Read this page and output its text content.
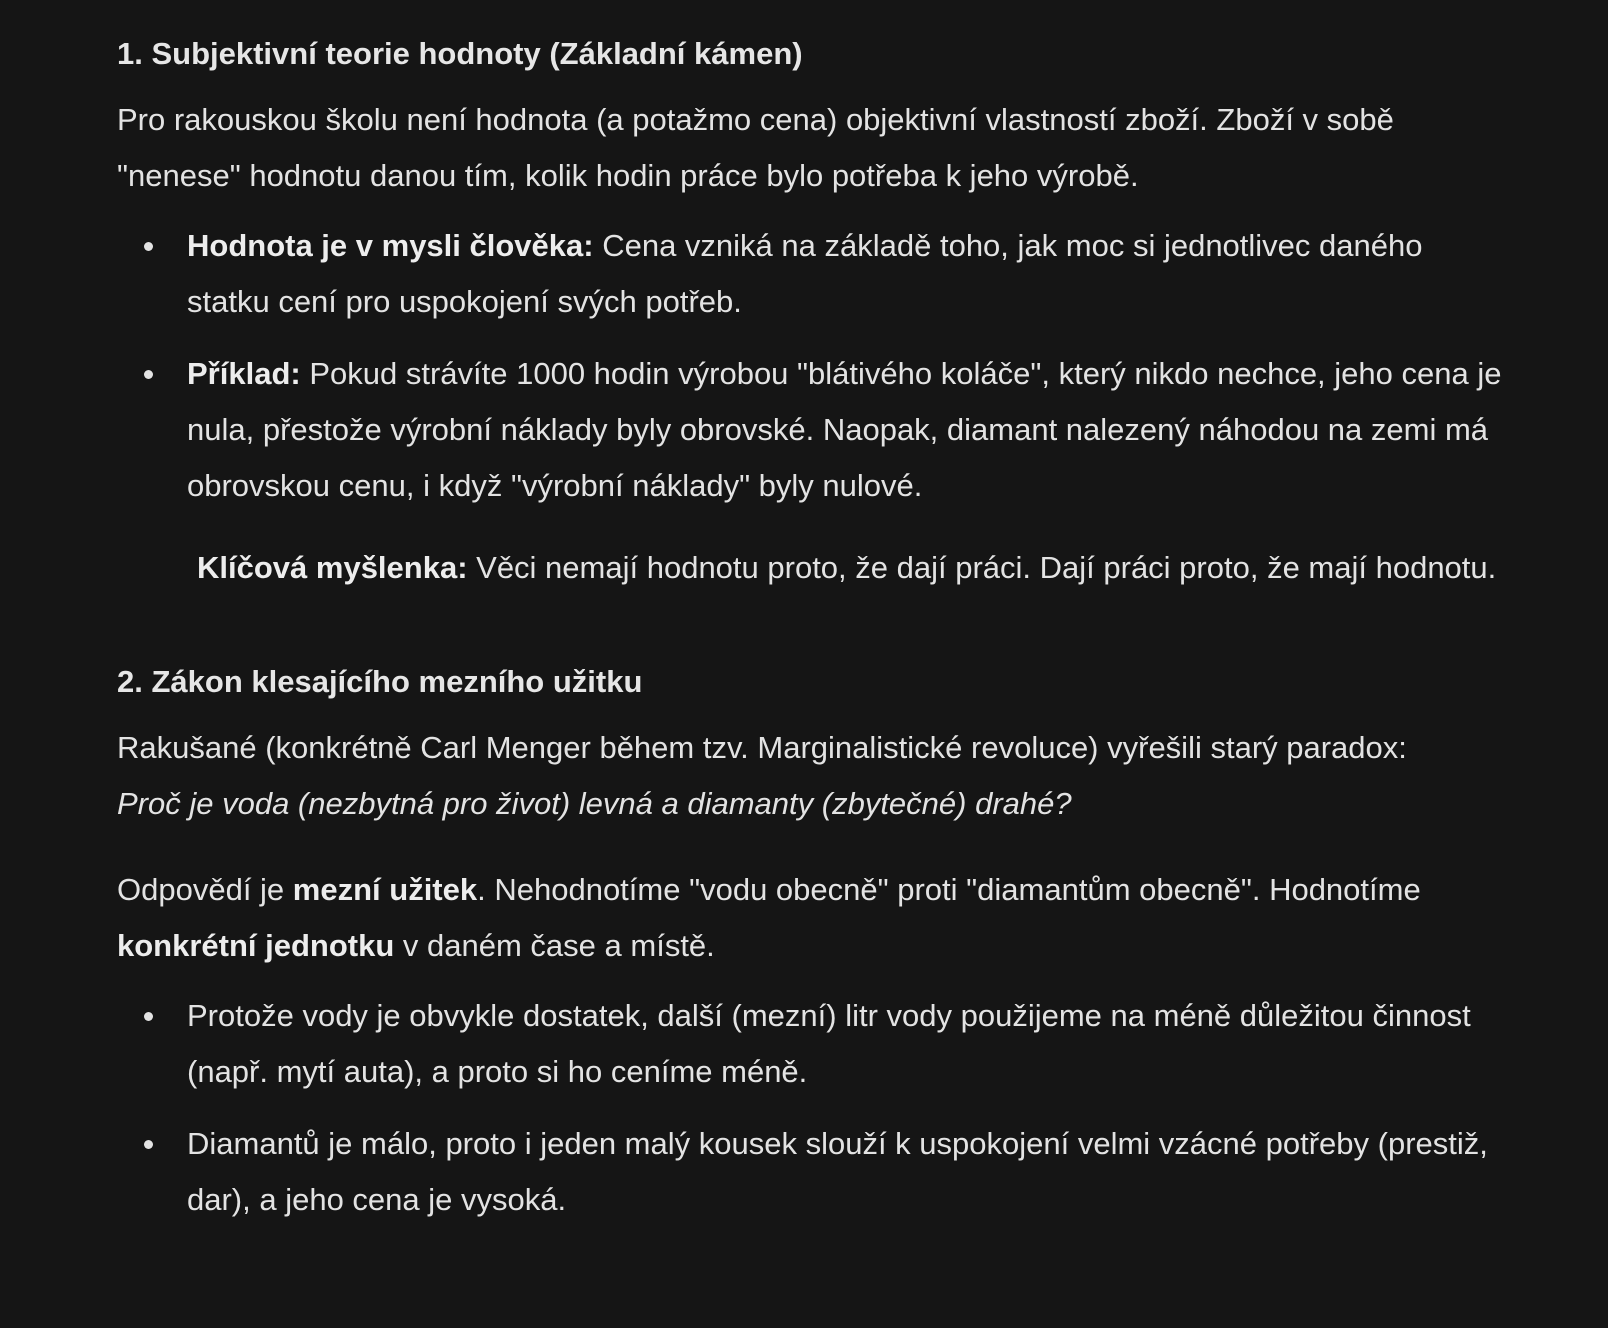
1. Subjektivní teorie hodnoty (Základní kámen)

Pro rakouskou školu není hodnota (a potažmo cena) objektivní vlastností zboží. Zboží v sobě "nenese" hodnotu danou tím, kolik hodin práce bylo potřeba k jeho výrobě.

Hodnota je v mysli člověka: Cena vzniká na základě toho, jak moc si jednotlivec daného statku cení pro uspokojení svých potřeb.
Příklad: Pokud strávíte 1000 hodin výrobou "blátivého koláče", který nikdo nechce, jeho cena je nula, přestože výrobní náklady byly obrovské. Naopak, diamant nalezený náhodou na zemi má obrovskou cenu, i když "výrobní náklady" byly nulové.
Klíčová myšlenka: Věci nemají hodnotu proto, že dají práci. Dají práci proto, že mají hodnotu.
2. Zákon klesajícího mezního užitku

Rakušané (konkrétně Carl Menger během tzv. Marginalistické revoluce) vyřešili starý paradox:
Proč je voda (nezbytná pro život) levná a diamanty (zbytečné) drahé?

Odpovědí je mezní užitek. Nehodnotíme "vodu obecně" proti "diamantům obecně". Hodnotíme konkrétní jednotku v daném čase a místě.

Protože vody je obvykle dostatek, další (mezní) litr vody použijeme na méně důležitou činnost (např. mytí auta), a proto si ho ceníme méně.
Diamantů je málo, proto i jeden malý kousek slouží k uspokojení velmi vzácné potřeby (prestiž, dar), a jeho cena je vysoká.
